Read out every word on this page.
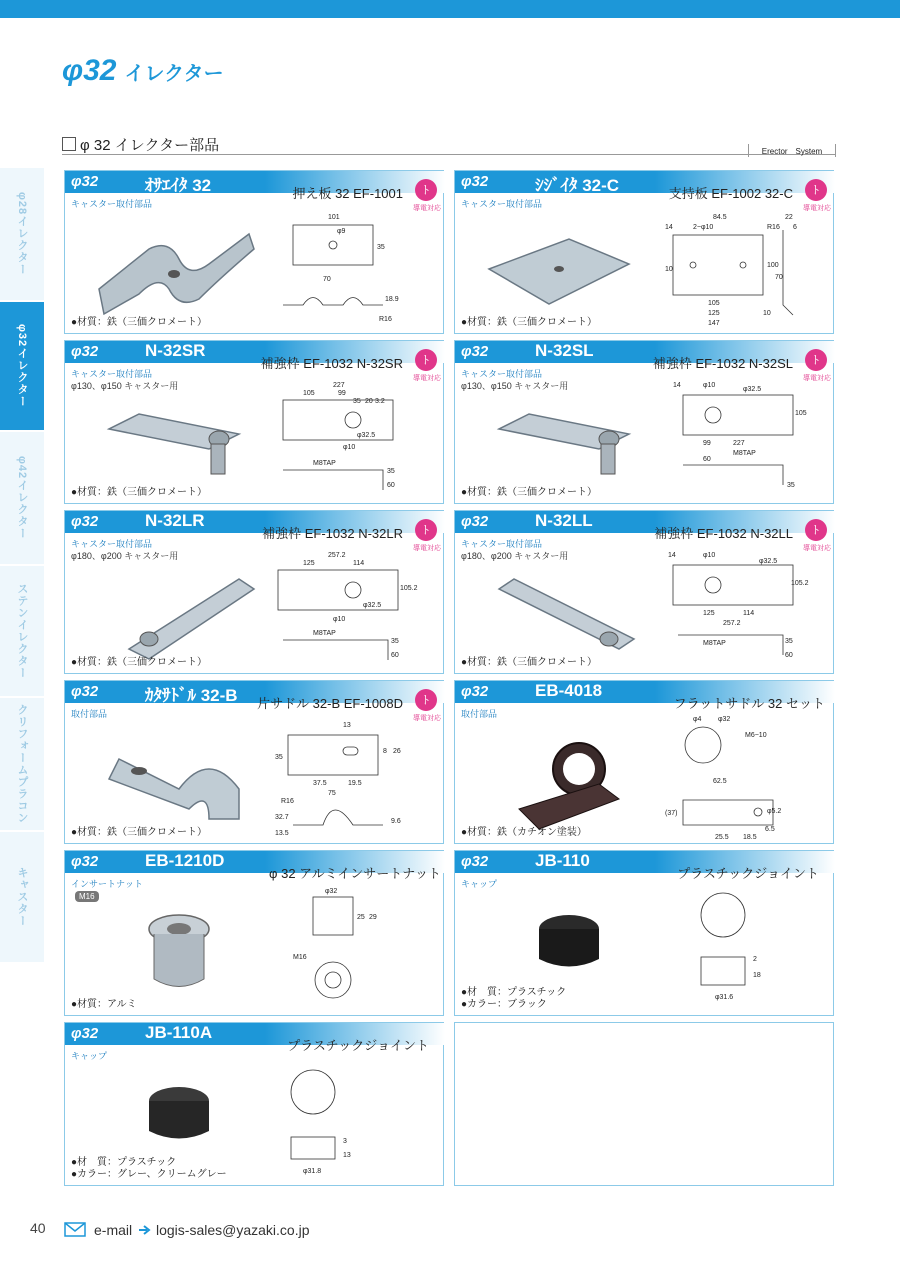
φ32 イレクター
φ 32 イレクター部品	Erector　System
φ28イレクター
φ32イレクター
φ42イレクター
ステンイレクター
クリフォームプラコン
キャスター
φ32	ｵｻｴｲﾀ 32	押え板 32 EF-1001	ﾄ
導電対応
キャスター取付部品
101
φ9
35
70
18.9
R16
●材質：鉄（三価クロメート）
φ32	ｼｼﾞｲﾀ 32-C	支持板 EF-1002 32-C	ﾄ
導電対応
キャスター取付部品
84.5
2−φ10	R16
22
6
14
10
100
70
105
125
147
10
●材質：鉄（三価クロメート）
φ32	N-32SR
補強枠 EF-1032 N-32SR	ﾄ
導電対応
キャスター取付部品
φ130、φ150 キャスター用	227
105	99
35 20 3.2
φ32.5
φ10
M8TAP
60
35
●材質：鉄（三価クロメート）
φ32	N-32SL
補強枠 EF-1032 N-32SL	ﾄ
導電対応
キャスター取付部品
φ130、φ150 キャスター用	14	φ10
φ32.5
105
99	227
M8TAP
60
35
●材質：鉄（三価クロメート）
φ32	N-32LR
補強枠 EF-1032 N-32LR	ﾄ
導電対応
キャスター取付部品
φ180、φ200 キャスター用	257.2
125	114
φ32.5
105.2
φ10
M8TAP
60
35
●材質：鉄（三価クロメート）
φ32	N-32LL
補強枠 EF-1032 N-32LL	ﾄ
導電対応
キャスター取付部品
φ180、φ200 キャスター用	14	φ10
φ32.5
105.2
125	114
257.2
M8TAP
60
35
●材質：鉄（三価クロメート）
φ32	ｶﾀｻﾄﾞﾙ 32-B 片サドル 32-B EF-1008D	ﾄ
導電対応
取付部品
13
35
8 26
37.5	19.5
75
R16
32.7
13.5
9.6
●材質：鉄（三価クロメート）
φ32	EB-4018
フラットサドル 32 セット
取付部品
φ4 φ32
M6−10
62.5
(37)	φ5.2
25.5 18.5
6.5
●材質：鉄（カチオン塗装）
φ32	EB-1210D
φ 32 アルミインサートナット
インサートナット
M16
φ32
25 29
M16
●材質：アルミ
φ32	JB-110
プラスチックジョイント
キャップ
2
18
φ31.6
●材　質：プラスチック
●カラー：ブラック
φ32	JB-110A
プラスチックジョイント
キャップ
3
13
φ31.8
●材　質：プラスチック
●カラー：グレー、クリームグレー
40	e-mail logis-sales@yazaki.co.jp
